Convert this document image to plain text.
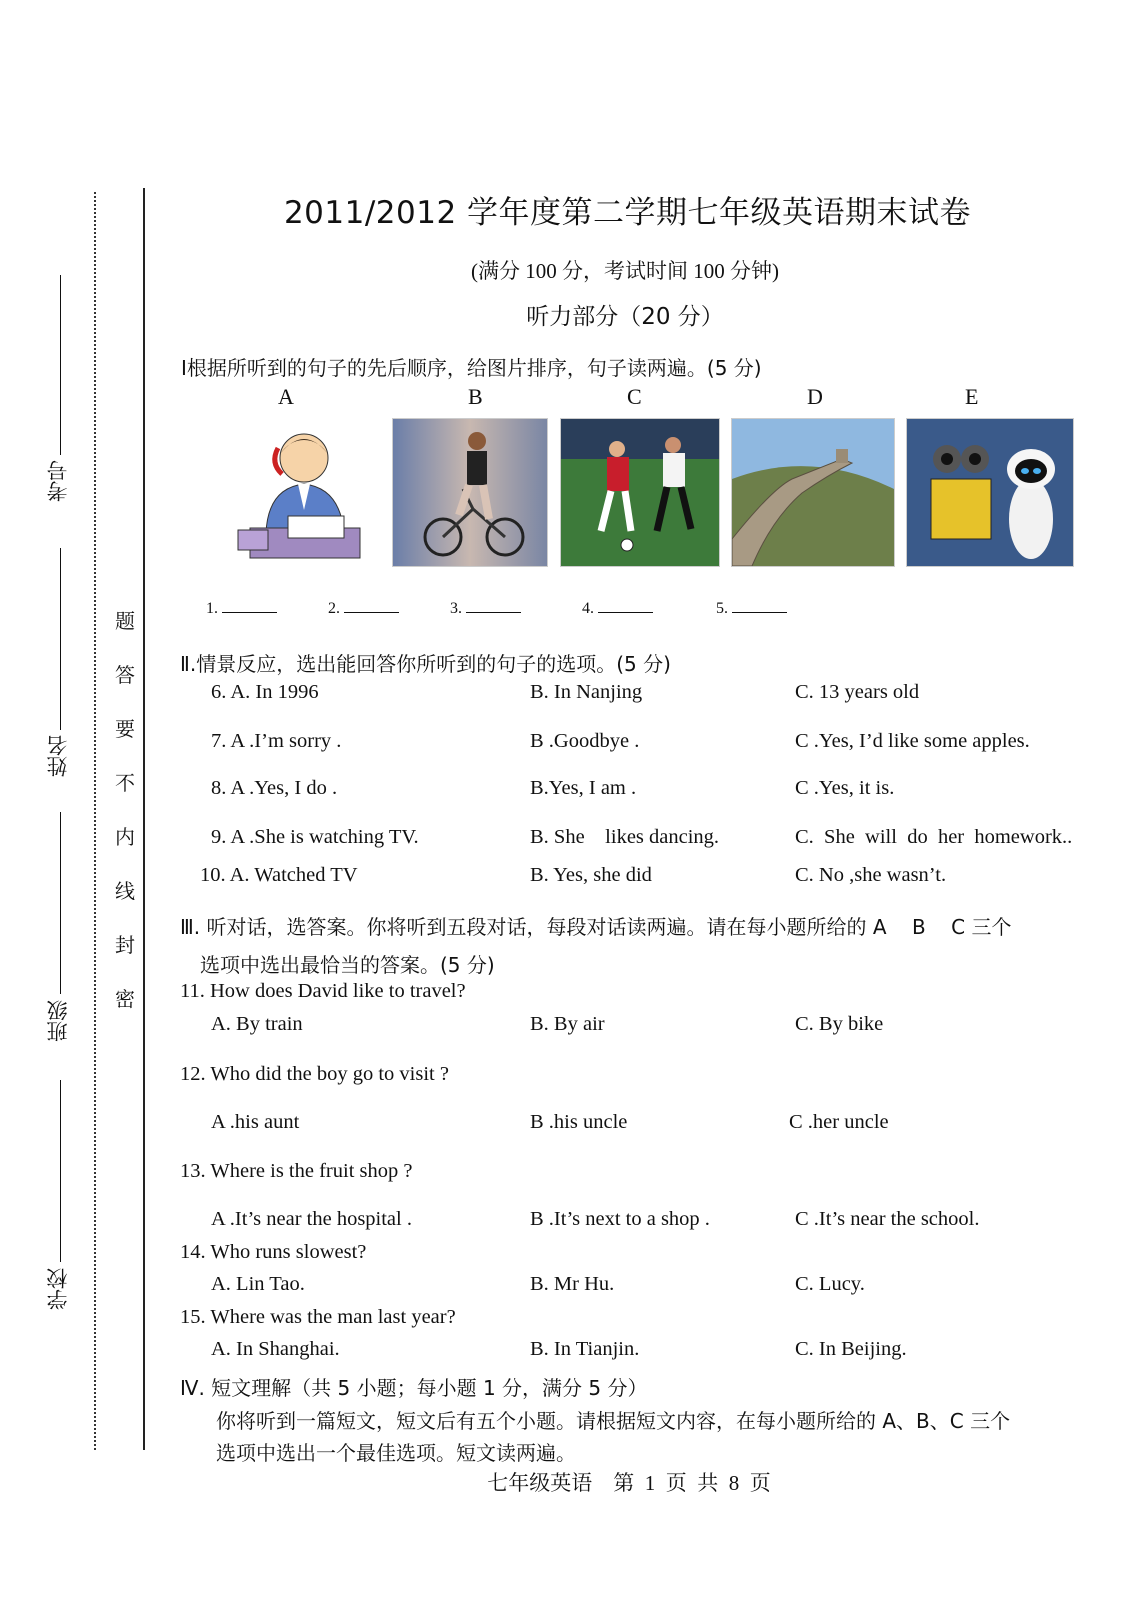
考号
姓名
班级
学校
题
答
要
不
内
线
封
密
2011/2012 学年度第二学期七年级英语期末试卷
(满分 100 分，考试时间 100 分钟)
听力部分（20 分）
Ⅰ根据所听到的句子的先后顺序，给图片排序，句子读两遍。(5 分)
A	B	C	D	E
1.	2.	3.	4.	5.
Ⅱ.情景反应，选出能回答你所听到的句子的选项。(5 分)
6. A. In 1996	B. In Nanjing	C. 13 years old
7. A .I’m sorry .	B .Goodbye .	C .Yes, I’d like some apples.
8. A .Yes, I do .	B.Yes, I am .	C .Yes, it is.
9. A .She is watching TV.	B. She    likes dancing.	C.  She  will  do  her  homework..
10. A. Watched TV	B. Yes, she did	C. No ,she wasn’t.
Ⅲ. 听对话，选答案。你将听到五段对话，每段对话读两遍。请在每小题所给的 A    B    C 三个
选项中选出最恰当的答案。(5 分)
11. How does David like to travel?
A. By train	B. By air	C. By bike
12. Who did the boy go to visit ?
A .his aunt	B .his uncle	C .her uncle
13. Where is the fruit shop ?
A .It’s near the hospital .	B .It’s next to a shop .	C .It’s near the school.
14. Who runs slowest?
A. Lin Tao.	B. Mr Hu.	C. Lucy.
15. Where was the man last year?
A. In Shanghai.	B. In Tianjin.	C. In Beijing.
Ⅳ. 短文理解（共 5 小题；每小题 1 分，满分 5 分）
你将听到一篇短文，短文后有五个小题。请根据短文内容，在每小题所给的 A、B、C 三个
选项中选出一个最佳选项。短文读两遍。
七年级英语    第  1  页  共  8  页
